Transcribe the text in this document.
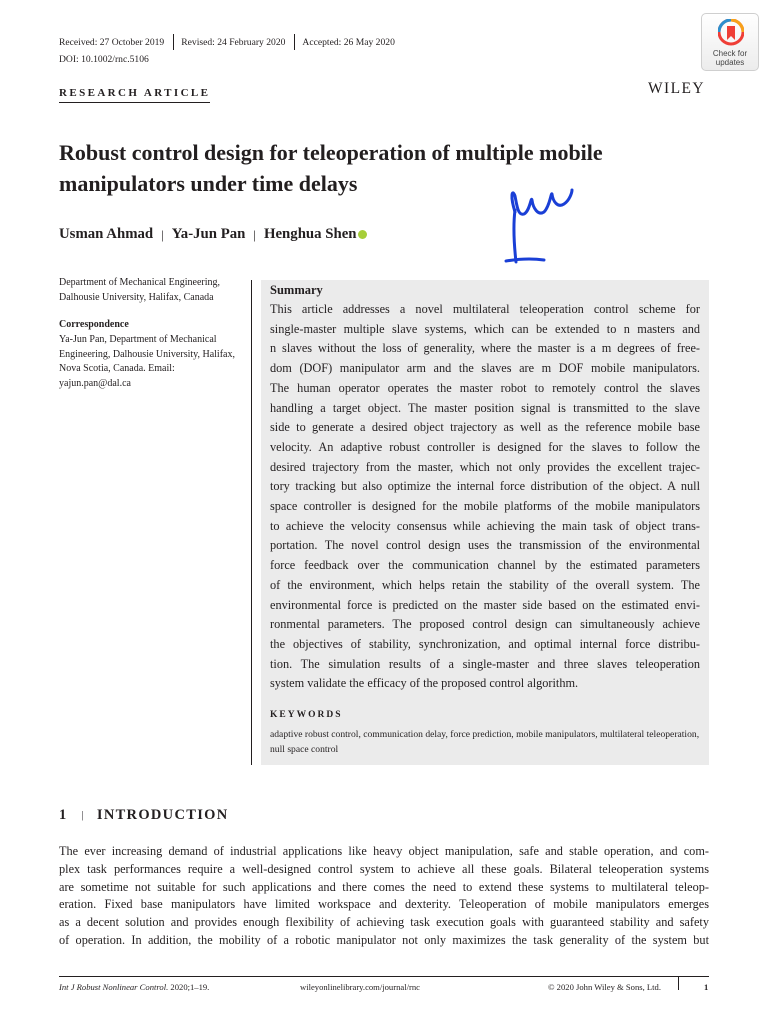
Received: 27 October 2019 Revised: 24 February 2020 Accepted: 26 May 2020
DOI: 10.1002/rnc.5106
Check for
updates
RESEARCH ARTICLE	WILEY
Robust control design for teleoperation of multiple mobile manipulators under time delays
Usman Ahmad | Ya-Jun Pan | Henghua Shen
Department of Mechanical Engineering, Dalhousie University, Halifax, Canada
Correspondence
Ya-Jun Pan, Department of Mechanical Engineering, Dalhousie University, Halifax, Nova Scotia, Canada. Email: yajun.pan@dal.ca
Summary
This article addresses a novel multilateral teleoperation control scheme for
single-master multiple slave systems, which can be extended to n masters and
n slaves without the loss of generality, where the master is a m degrees of free-
dom (DOF) manipulator arm and the slaves are m DOF mobile manipulators.
The human operator operates the master robot to remotely control the slaves
handling a target object. The master position signal is transmitted to the slave
side to generate a desired object trajectory as well as the reference mobile base
velocity. An adaptive robust controller is designed for the slaves to follow the
desired trajectory from the master, which not only provides the excellent trajec-
tory tracking but also optimize the internal force distribution of the object. A null
space controller is designed for the mobile platforms of the mobile manipulators
to achieve the velocity consensus while achieving the main task of object trans-
portation. The novel control design uses the transmission of the environmental
force feedback over the communication channel by the estimated parameters
of the environment, which helps retain the stability of the overall system. The
environmental force is predicted on the master side based on the estimated envi-
ronmental parameters. The proposed control design can simultaneously achieve
the objectives of stability, synchronization, and optimal internal force distribu-
tion. The simulation results of a single-master and three slaves teleoperation
system validate the efficacy of the proposed control algorithm.
KEYWORDS
adaptive robust control, communication delay, force prediction, mobile manipulators, multilateral teleoperation, null space control
1 | INTRODUCTION
The ever increasing demand of industrial applications like heavy object manipulation, safe and stable operation, and com-
plex task performances require a well-designed control system to achieve all these goals. Bilateral teleoperation systems
are sometime not suitable for such applications and there comes the need to extend these systems to multilateral teleop-
eration. Fixed base manipulators have limited workspace and dexterity. Teleoperation of mobile manipulators emerges
as a decent solution and provides enough flexibility of achieving task execution goals with guaranteed stability and safety
of operation. In addition, the mobility of a robotic manipulator not only maximizes the task generality of the system but
Int J Robust Nonlinear Control. 2020;1–19.	wileyonlinelibrary.com/journal/rnc	© 2020 John Wiley & Sons, Ltd.	1
